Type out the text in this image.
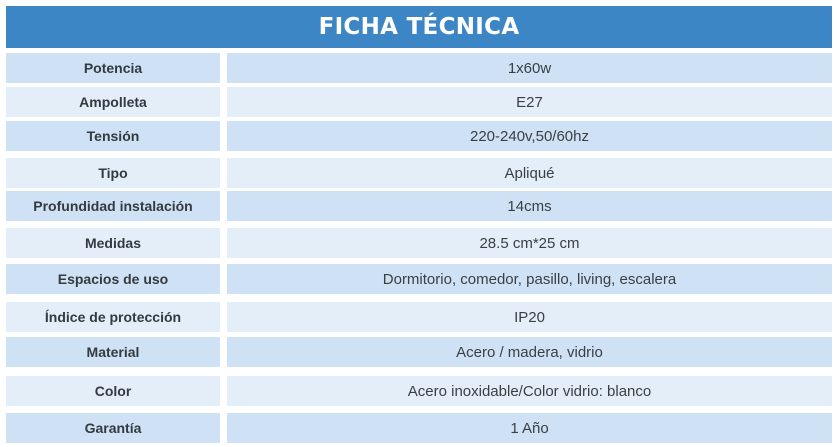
FICHA TÉCNICA
Potencia	1x60w
Ampolleta	E27
Tensión	220-240v,50/60hz
Tipo	Apliqué
Profundidad instalación	14cms
Medidas	28.5 cm*25 cm
Espacios de uso	Dormitorio, comedor, pasillo, living, escalera
Índice de protección	IP20
Material	Acero / madera, vidrio
Color	Acero inoxidable/Color vidrio: blanco
Garantía	1 Año
